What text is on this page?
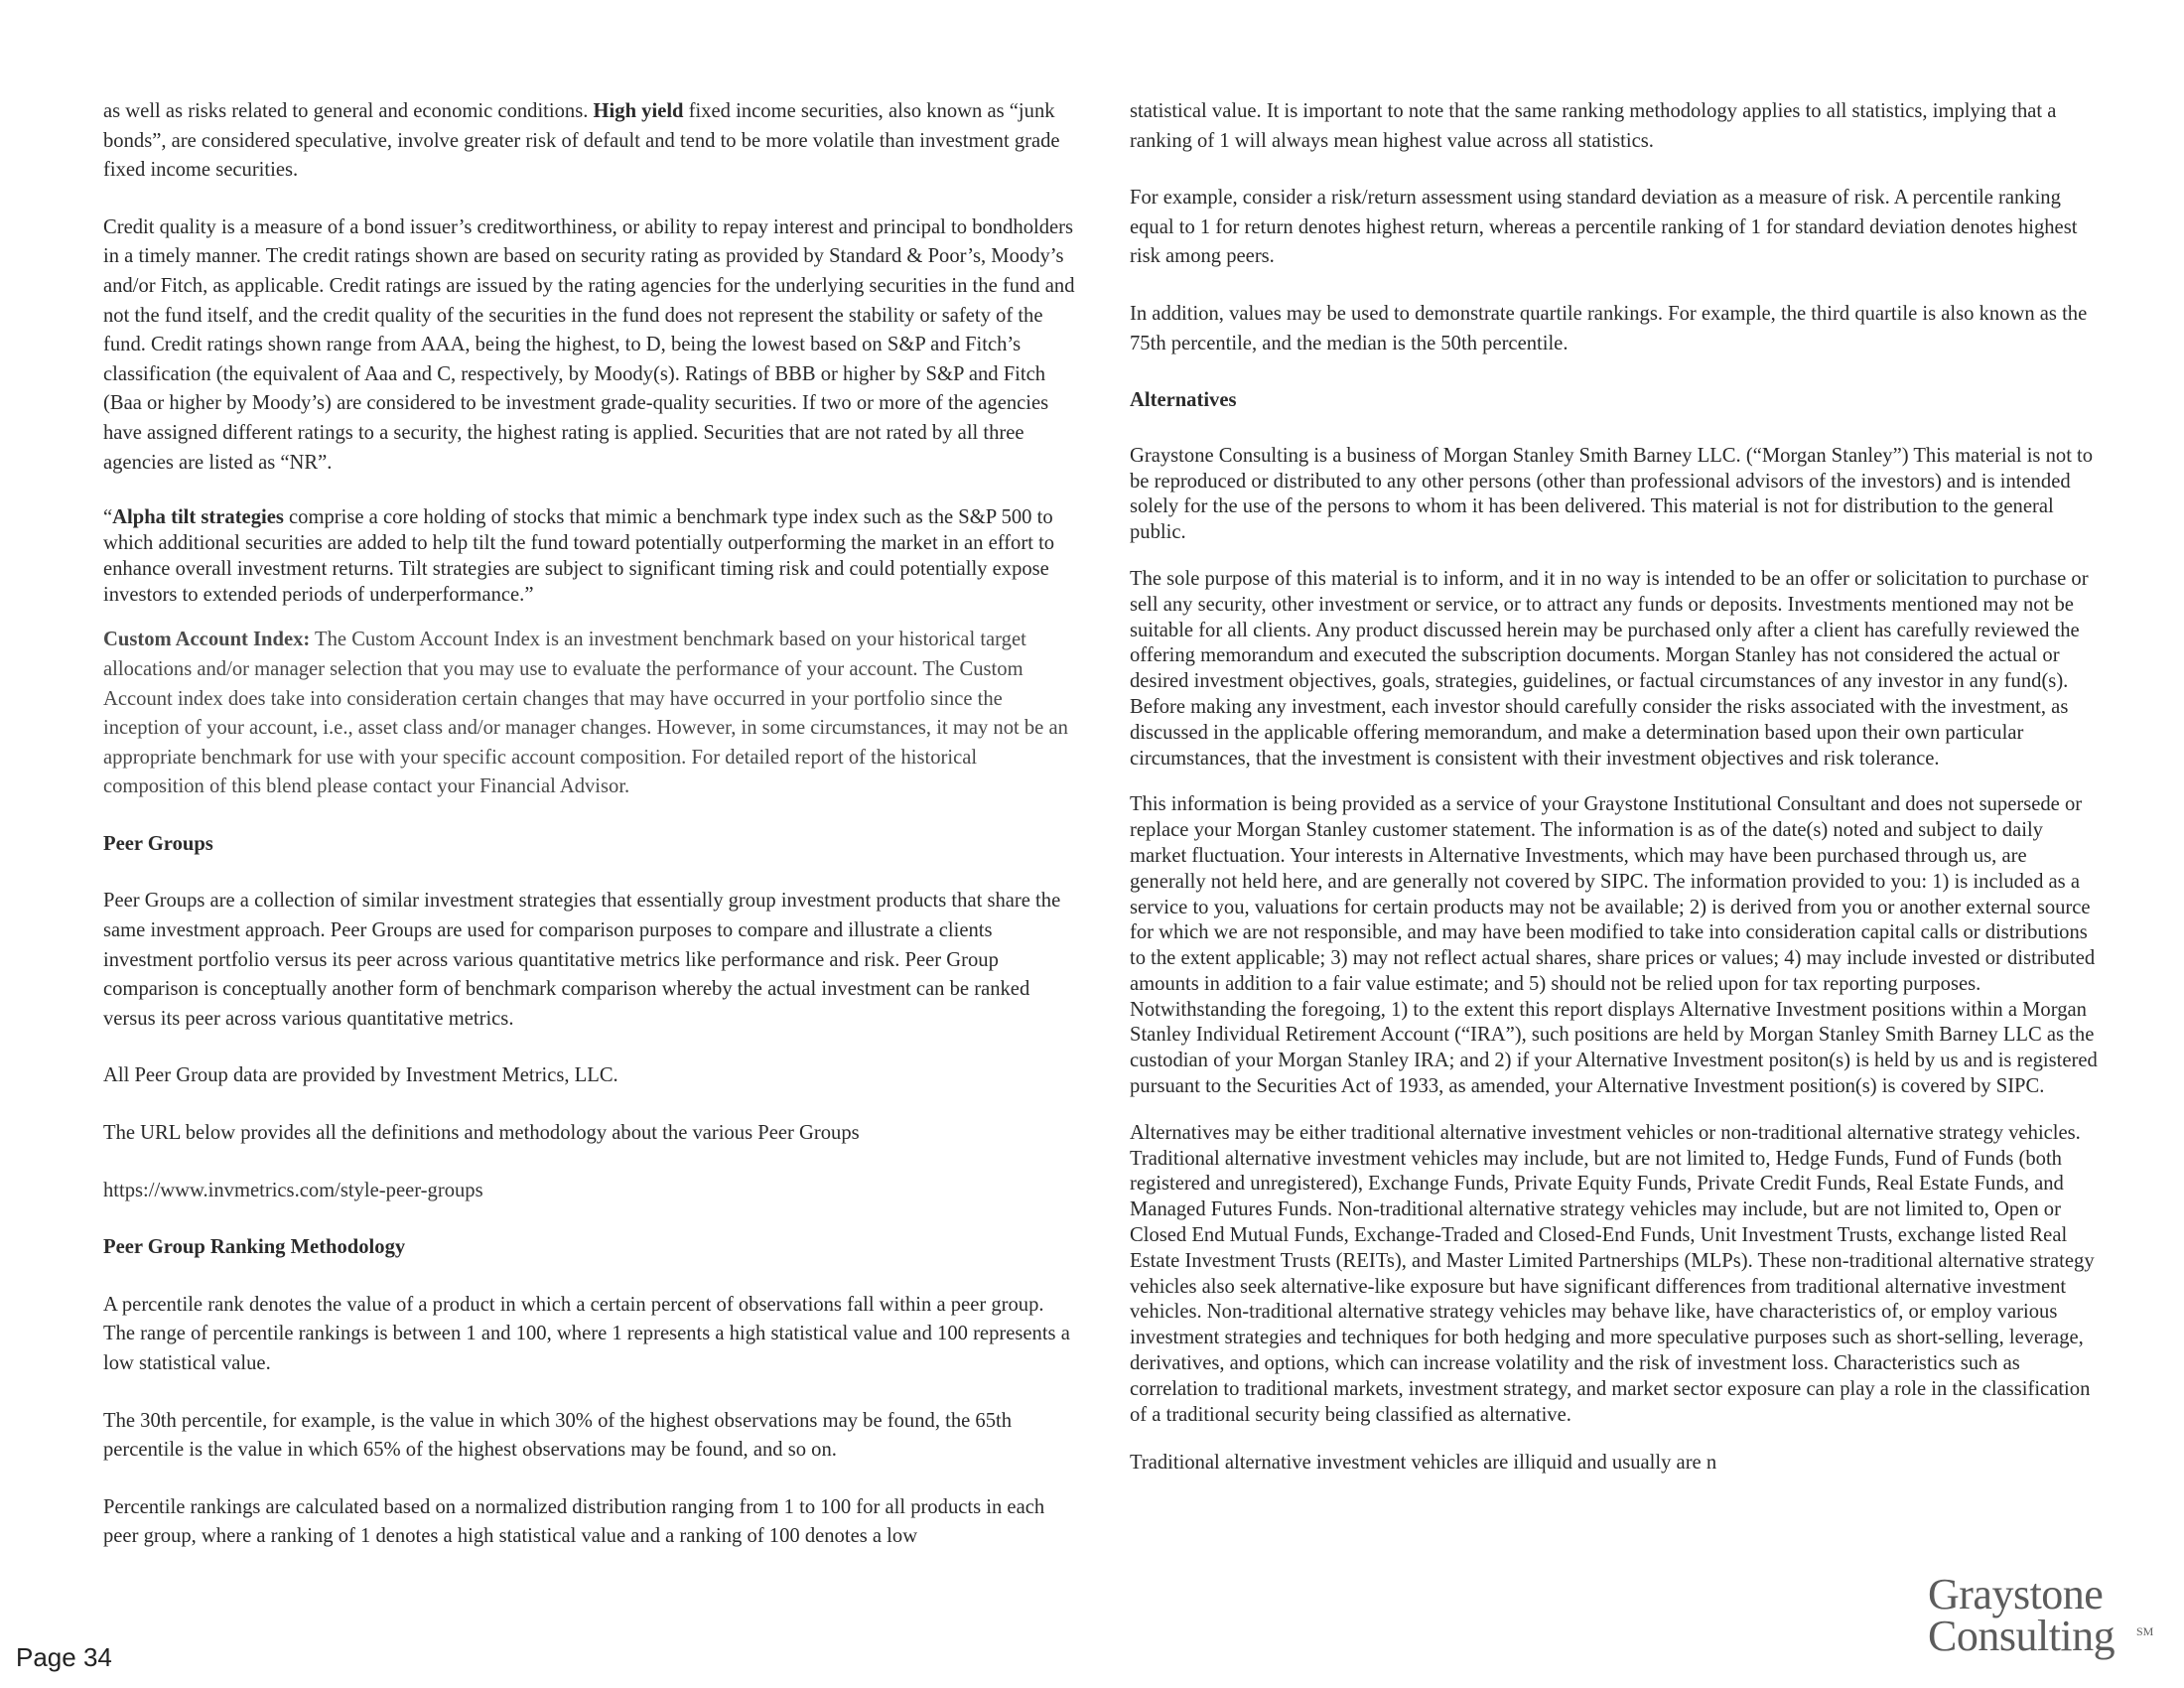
as well as risks related to general and economic conditions. High yield fixed income securities, also known as “junk bonds”, are considered speculative, involve greater risk of default and tend to be more volatile than investment grade fixed income securities.

Credit quality is a measure of a bond issuer’s creditworthiness, or ability to repay interest and principal to bondholders in a timely manner. The credit ratings shown are based on security rating as provided by Standard & Poor’s, Moody’s and/or Fitch, as applicable. Credit ratings are issued by the rating agencies for the underlying securities in the fund and not the fund itself, and the credit quality of the securities in the fund does not represent the stability or safety of the fund. Credit ratings shown range from AAA, being the highest, to D, being the lowest based on S&P and Fitch’s classification (the equivalent of Aaa and C, respectively, by Moody(s). Ratings of BBB or higher by S&P and Fitch (Baa or higher by Moody’s) are considered to be investment grade-quality securities. If two or more of the agencies have assigned different ratings to a security, the highest rating is applied. Securities that are not rated by all three agencies are listed as “NR”.

“Alpha tilt strategies comprise a core holding of stocks that mimic a benchmark type index such as the S&P 500 to which additional securities are added to help tilt the fund toward potentially outperforming the market in an effort to enhance overall investment returns. Tilt strategies are subject to significant timing risk and could potentially expose investors to extended periods of underperformance.”

Custom Account Index: The Custom Account Index is an investment benchmark based on your historical target allocations and/or manager selection that you may use to evaluate the performance of your account. The Custom Account index does take into consideration certain changes that may have occurred in your portfolio since the inception of your account, i.e., asset class and/or manager changes. However, in some circumstances, it may not be an appropriate benchmark for use with your specific account composition. For detailed report of the historical composition of this blend please contact your Financial Advisor.

Peer Groups

Peer Groups are a collection of similar investment strategies that essentially group investment products that share the same investment approach. Peer Groups are used for comparison purposes to compare and illustrate a clients investment portfolio versus its peer across various quantitative metrics like performance and risk. Peer Group comparison is conceptually another form of benchmark comparison whereby the actual investment can be ranked versus its peer across various quantitative metrics.

All Peer Group data are provided by Investment Metrics, LLC.

The URL below provides all the definitions and methodology about the various Peer Groups

https://www.invmetrics.com/style-peer-groups

Peer Group Ranking Methodology

A percentile rank denotes the value of a product in which a certain percent of observations fall within a peer group. The range of percentile rankings is between 1 and 100, where 1 represents a high statistical value and 100 represents a low statistical value.

The 30th percentile, for example, is the value in which 30% of the highest observations may be found, the 65th percentile is the value in which 65% of the highest observations may be found, and so on.

Percentile rankings are calculated based on a normalized distribution ranging from 1 to 100 for all products in each peer group, where a ranking of 1 denotes a high statistical value and a ranking of 100 denotes a low

statistical value. It is important to note that the same ranking methodology applies to all statistics, implying that a ranking of 1 will always mean highest value across all statistics.

For example, consider a risk/return assessment using standard deviation as a measure of risk. A percentile ranking equal to 1 for return denotes highest return, whereas a percentile ranking of 1 for standard deviation denotes highest risk among peers.

In addition, values may be used to demonstrate quartile rankings. For example, the third quartile is also known as the 75th percentile, and the median is the 50th percentile.

Alternatives

Graystone Consulting is a business of Morgan Stanley Smith Barney LLC. (“Morgan Stanley”) This material is not to be reproduced or distributed to any other persons (other than professional advisors of the investors) and is intended solely for the use of the persons to whom it has been delivered. This material is not for distribution to the general public.

The sole purpose of this material is to inform, and it in no way is intended to be an offer or solicitation to purchase or sell any security, other investment or service, or to attract any funds or deposits. Investments mentioned may not be suitable for all clients. Any product discussed herein may be purchased only after a client has carefully reviewed the offering memorandum and executed the subscription documents. Morgan Stanley has not considered the actual or desired investment objectives, goals, strategies, guidelines, or factual circumstances of any investor in any fund(s). Before making any investment, each investor should carefully consider the risks associated with the investment, as discussed in the applicable offering memorandum, and make a determination based upon their own particular circumstances, that the investment is consistent with their investment objectives and risk tolerance.

This information is being provided as a service of your Graystone Institutional Consultant and does not supersede or replace your Morgan Stanley customer statement. The information is as of the date(s) noted and subject to daily market fluctuation. Your interests in Alternative Investments, which may have been purchased through us, are generally not held here, and are generally not covered by SIPC. The information provided to you: 1) is included as a service to you, valuations for certain products may not be available; 2) is derived from you or another external source for which we are not responsible, and may have been modified to take into consideration capital calls or distributions to the extent applicable; 3) may not reflect actual shares, share prices or values; 4) may include invested or distributed amounts in addition to a fair value estimate; and 5) should not be relied upon for tax reporting purposes. Notwithstanding the foregoing, 1) to the extent this report displays Alternative Investment positions within a Morgan Stanley Individual Retirement Account (“IRA”), such positions are held by Morgan Stanley Smith Barney LLC as the custodian of your Morgan Stanley IRA; and 2) if your Alternative Investment positon(s) is held by us and is registered pursuant to the Securities Act of 1933, as amended, your Alternative Investment position(s) is covered by SIPC.

Alternatives may be either traditional alternative investment vehicles or non-traditional alternative strategy vehicles. Traditional alternative investment vehicles may include, but are not limited to, Hedge Funds, Fund of Funds (both registered and unregistered), Exchange Funds, Private Equity Funds, Private Credit Funds, Real Estate Funds, and Managed Futures Funds. Non-traditional alternative strategy vehicles may include, but are not limited to, Open or Closed End Mutual Funds, Exchange-Traded and Closed-End Funds, Unit Investment Trusts, exchange listed Real Estate Investment Trusts (REITs), and Master Limited Partnerships (MLPs). These non-traditional alternative strategy vehicles also seek alternative-like exposure but have significant differences from traditional alternative investment vehicles. Non-traditional alternative strategy vehicles may behave like, have characteristics of, or employ various investment strategies and techniques for both hedging and more speculative purposes such as short-selling, leverage, derivatives, and options, which can increase volatility and the risk of investment loss. Characteristics such as correlation to traditional markets, investment strategy, and market sector exposure can play a role in the classification of a traditional security being classified as alternative.

Traditional alternative investment vehicles are illiquid and usually are n

Page 34
Graystone
Consulting	SM
